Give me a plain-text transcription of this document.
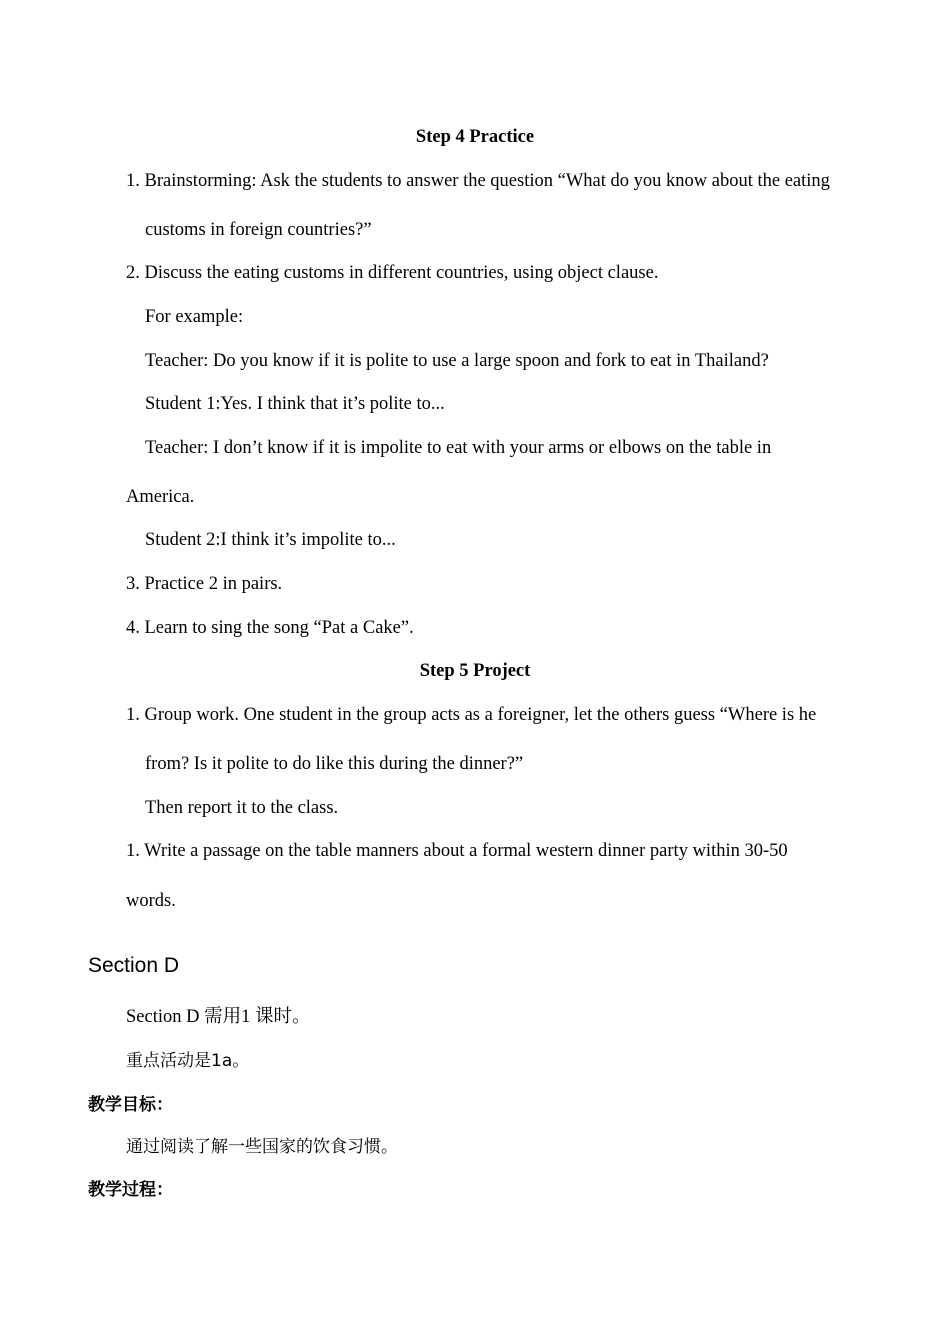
Step 4 Practice
1. Brainstorming: Ask the students to answer the question “What do you know about the eating
customs in foreign countries?”
2. Discuss the eating customs in different countries, using object clause.
For example:
Teacher: Do you know if it is polite to use a large spoon and fork to eat in Thailand?
Student 1:Yes. I think that it’s polite to...
Teacher: I don’t know if it is impolite to eat with your arms or elbows on the table in
America.
Student 2:I think it’s impolite to...
3. Practice 2 in pairs.
4. Learn to sing the song “Pat a Cake”.
Step 5 Project
1. Group work. One student in the group acts as a foreigner, let the others guess “Where is he
from? Is it polite to do like this during the dinner?”
Then report it to the class.
1. Write a passage on the table manners about a formal western dinner party within 30-50
words.
Section D
Section D 需用1 课时。
重点活动是1a。
教学目标：
通过阅读了解一些国家的饮食习惯。
教学过程：
